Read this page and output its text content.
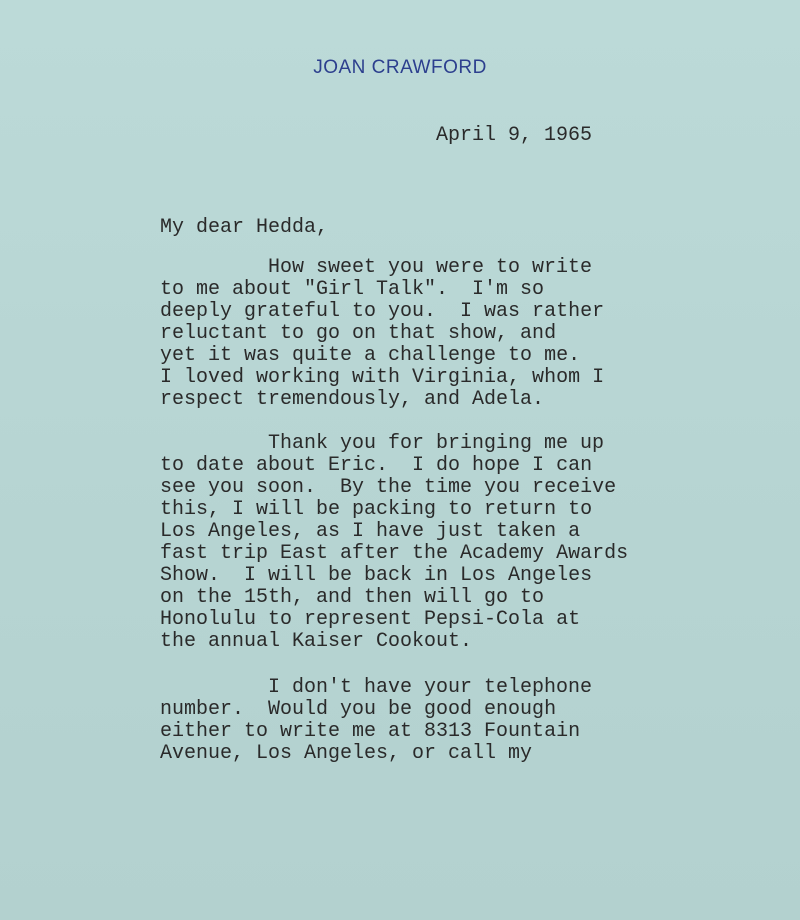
JOAN CRAWFORD
April 9, 1965
My dear Hedda,
How sweet you were to write
to me about "Girl Talk".  I'm so
deeply grateful to you.  I was rather
reluctant to go on that show, and
yet it was quite a challenge to me.
I loved working with Virginia, whom I
respect tremendously, and Adela.
Thank you for bringing me up
to date about Eric.  I do hope I can
see you soon.  By the time you receive
this, I will be packing to return to
Los Angeles, as I have just taken a
fast trip East after the Academy Awards
Show.  I will be back in Los Angeles
on the 15th, and then will go to
Honolulu to represent Pepsi-Cola at
the annual Kaiser Cookout.
I don't have your telephone
number.  Would you be good enough
either to write me at 8313 Fountain
Avenue, Los Angeles, or call my
